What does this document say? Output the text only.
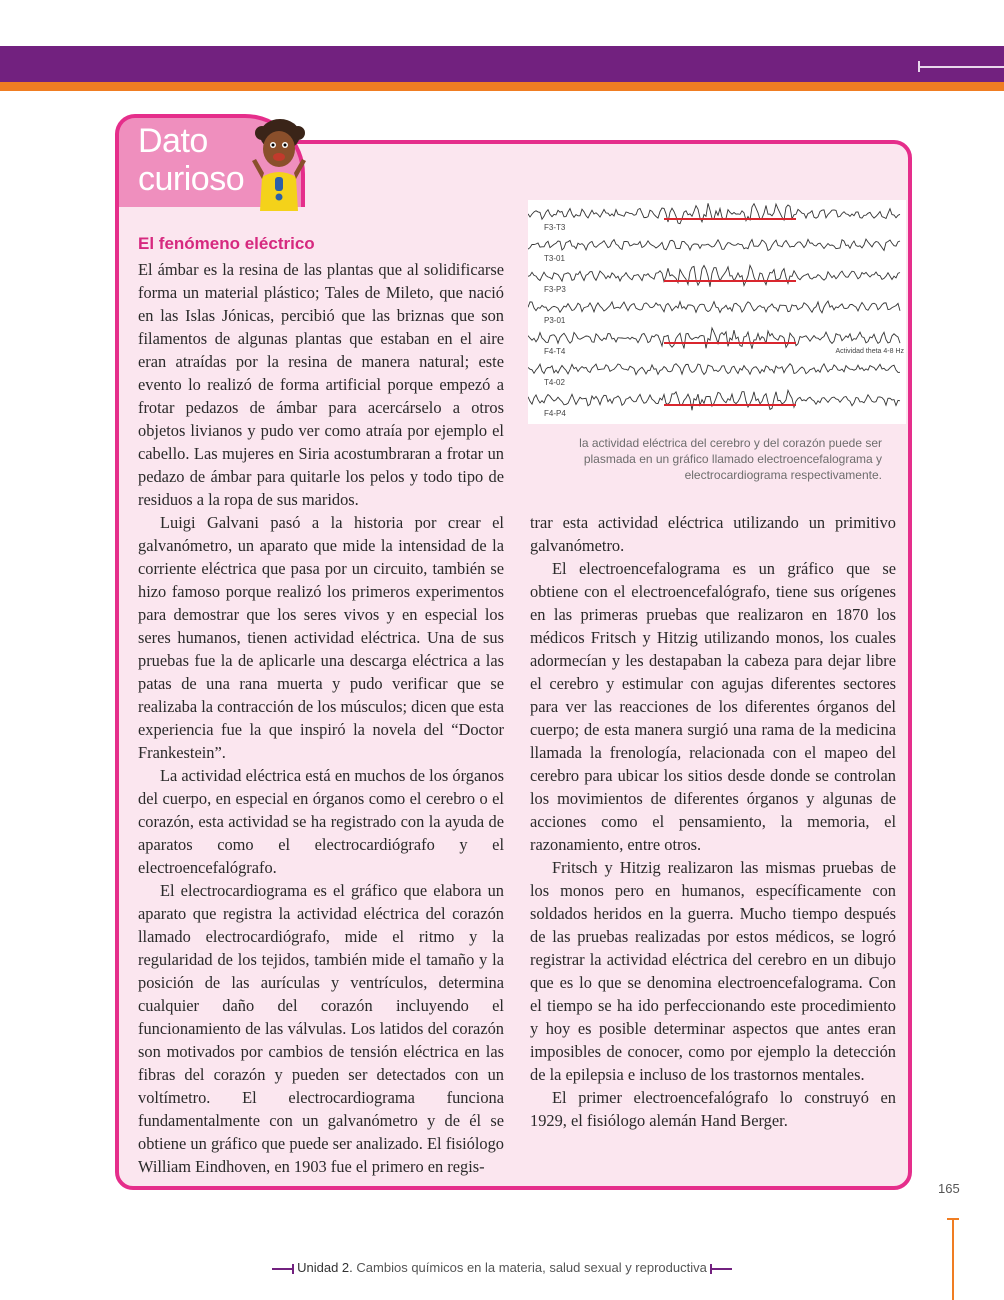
Dato
curioso
El fenómeno eléctrico

El ámbar es la resina de las plantas que al solidificarse forma un material plástico; Tales de Mileto, que nació en las Islas Jónicas, percibió que las briznas que son filamentos de algunas plantas que estaban en el aire eran atraídas por la resina de manera natural; este evento lo realizó de forma artificial porque empezó a frotar pedazos de ámbar para acercárselo a otros objetos livianos y pudo ver como atraía por ejemplo el cabello. Las mujeres en Siria acostumbraran a frotar un pedazo de ámbar para quitarle los pelos y todo tipo de residuos a la ropa de sus maridos.

Luigi Galvani pasó a la historia por crear el galvanómetro, un aparato que mide la intensidad de la corriente eléctrica que pasa por un circuito, también se hizo famoso porque realizó los primeros experimentos para demostrar que los seres vivos y en especial los seres humanos, tienen actividad eléctrica. Una de sus pruebas fue la de aplicarle una descarga eléctrica a las patas de una rana muerta y pudo verificar que se realizaba la contracción de los músculos; dicen que esta experiencia fue la que inspiró la novela del “Doctor Frankestein”.

La actividad eléctrica está en muchos de los órganos del cuerpo, en especial en órganos como el cerebro o el corazón, esta actividad se ha registrado con la ayuda de aparatos como el electrocardiógrafo y el electroencefalógrafo.

El electrocardiograma es el gráfico que elabora un aparato que registra la actividad eléctrica del corazón llamado electrocardiógrafo, mide el ritmo y la regularidad de los tejidos, también mide el tamaño y la posición de las aurículas y ventrículos, determina cualquier daño del corazón incluyendo el funcionamiento de las válvulas. Los latidos del corazón son motivados por cambios de tensión eléctrica en las fibras del corazón y pueden ser detectados con un voltímetro. El electrocardiograma funciona fundamentalmente con un galvanómetro y de él se obtiene un gráfico que puede ser analizado. El fisiólogo William Eindhoven, en 1903 fue el primero en regis-

F3-T3
T3-01
F3-P3
P3-01
F4-T4
T4-02
F4-P4
Actividad theta 4-8 Hz
la actividad eléctrica del cerebro y del corazón puede ser plasmada en un gráfico llamado electroencefalograma y electrocardiograma respectivamente.

trar esta actividad eléctrica utilizando un primitivo galvanómetro.

El electroencefalograma es un gráfico que se obtiene con el electroencefalógrafo, tiene sus orígenes en las primeras pruebas que realizaron en 1870 los médicos Fritsch y Hitzig utilizando monos, los cuales adormecían y les destapaban la cabeza para dejar libre el cerebro y estimular con agujas diferentes sectores para ver las reacciones de los diferentes órganos del cuerpo; de esta manera surgió una rama de la medicina llamada la frenología, relacionada con el mapeo del cerebro para ubicar los sitios desde donde se controlan los movimientos de diferentes órganos y algunas de acciones como el pensamiento, la memoria, el razonamiento, entre otros.

Fritsch y Hitzig realizaron las mismas pruebas de los monos pero en humanos, específicamente con soldados heridos en la guerra. Mucho tiempo después de las pruebas realizadas por estos médicos, se logró registrar la actividad eléctrica del cerebro en un dibujo que es lo que se denomina electroencefalograma. Con el tiempo se ha ido perfeccionando este procedimiento y hoy es posible determinar aspectos que antes eran imposibles de conocer, como por ejemplo la detección de la epilepsia e incluso de los trastornos mentales.

El primer electroencefalógrafo lo construyó en 1929, el fisiólogo alemán Hand Berger.

165
Unidad 2. Cambios químicos en la materia, salud sexual y reproductiva
